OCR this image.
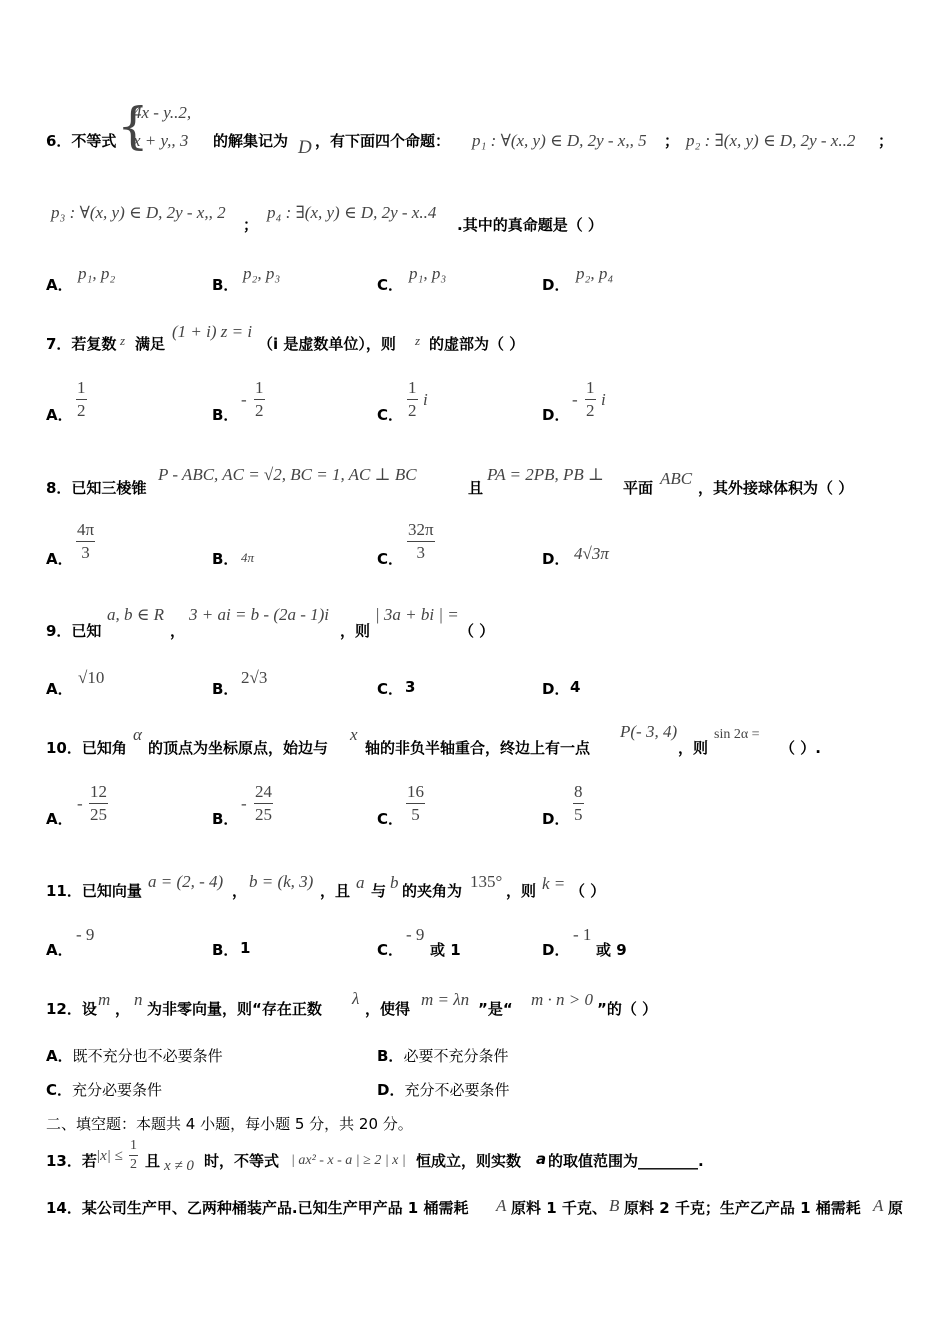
6．不等式 {
4x - y..2,
x + y,, 3 的解集记为 D ，有下面四个命题： p₁ : ∀(x, y) ∈ D, 2y - x,, 5 ； p₂ : ∃(x, y) ∈ D, 2y - x..2 ；
p₃ : ∀(x, y) ∈ D, 2y - x,, 2
；
p₄ : ∃(x, y) ∈ D, 2y - x..4
.其中的真命题是（ ）
A．
p₁, p₂
B．
p₂, p₃
C．
p₁, p₃
D．
p₂, p₄
7．若复数 z 满足
(1 + i) z = i
（i 是虚数单位），则 z 的虚部为（ ）
A．
1
2	B．
-
1
2	C．
1
2
i
D．
-
1
2
i
8．已知三棱锥
P - ABC, AC = √2, BC = 1, AC ⊥ BC
且
PA = 2PB, PB ⊥
平面 ABC ，其外接球体积为（ ）
A．
4π
3	B． 4π	C．
32π
3	D． 4√3π
9．已知
a, b ∈ R
，
3 + ai = b - (2a - 1)i
，则
| 3a + bi | =
（ ）
A．
√10
B．
2√3
C． 3	D． 4
10．已知角
α
的顶点为坐标原点，始边与
x
轴的非负半轴重合，终边上有一点
P(- 3, 4)
，则
sin 2α =
（ ）.
A．
-
12
25	B．
-
24
25	C．
16
5	D．
8
5
11．已知向量 a = (2, - 4) ， b = (k, 3) ，且 a 与 b 的夹角为 135° ，则 k = （ ）
A．
- 9
B． 1	C．
- 9
或 1	D．
- 1
或 9
12．设 m ， n 为非零向量，则“存在正数
λ
，使得 m = λn ”是“ m · n > 0 ”的（ ）
A．既不充分也不必要条件	B．必要不充分条件
C．充分必要条件	D．充分不必要条件
二、填空题：本题共 4 小题，每小题 5 分，共 20 分。
13．若 |x| ≤
1
2 且 x ≠ 0 时，不等式 | ax² - x - a | ≥ 2 | x | 恒成立，则实数 a 的取值范围为________.
14．某公司生产甲、乙两种桶装产品.已知生产甲产品 1 桶需耗 A 原料 1 千克、 B 原料 2 千克；生产乙产品 1 桶需耗 A 原
